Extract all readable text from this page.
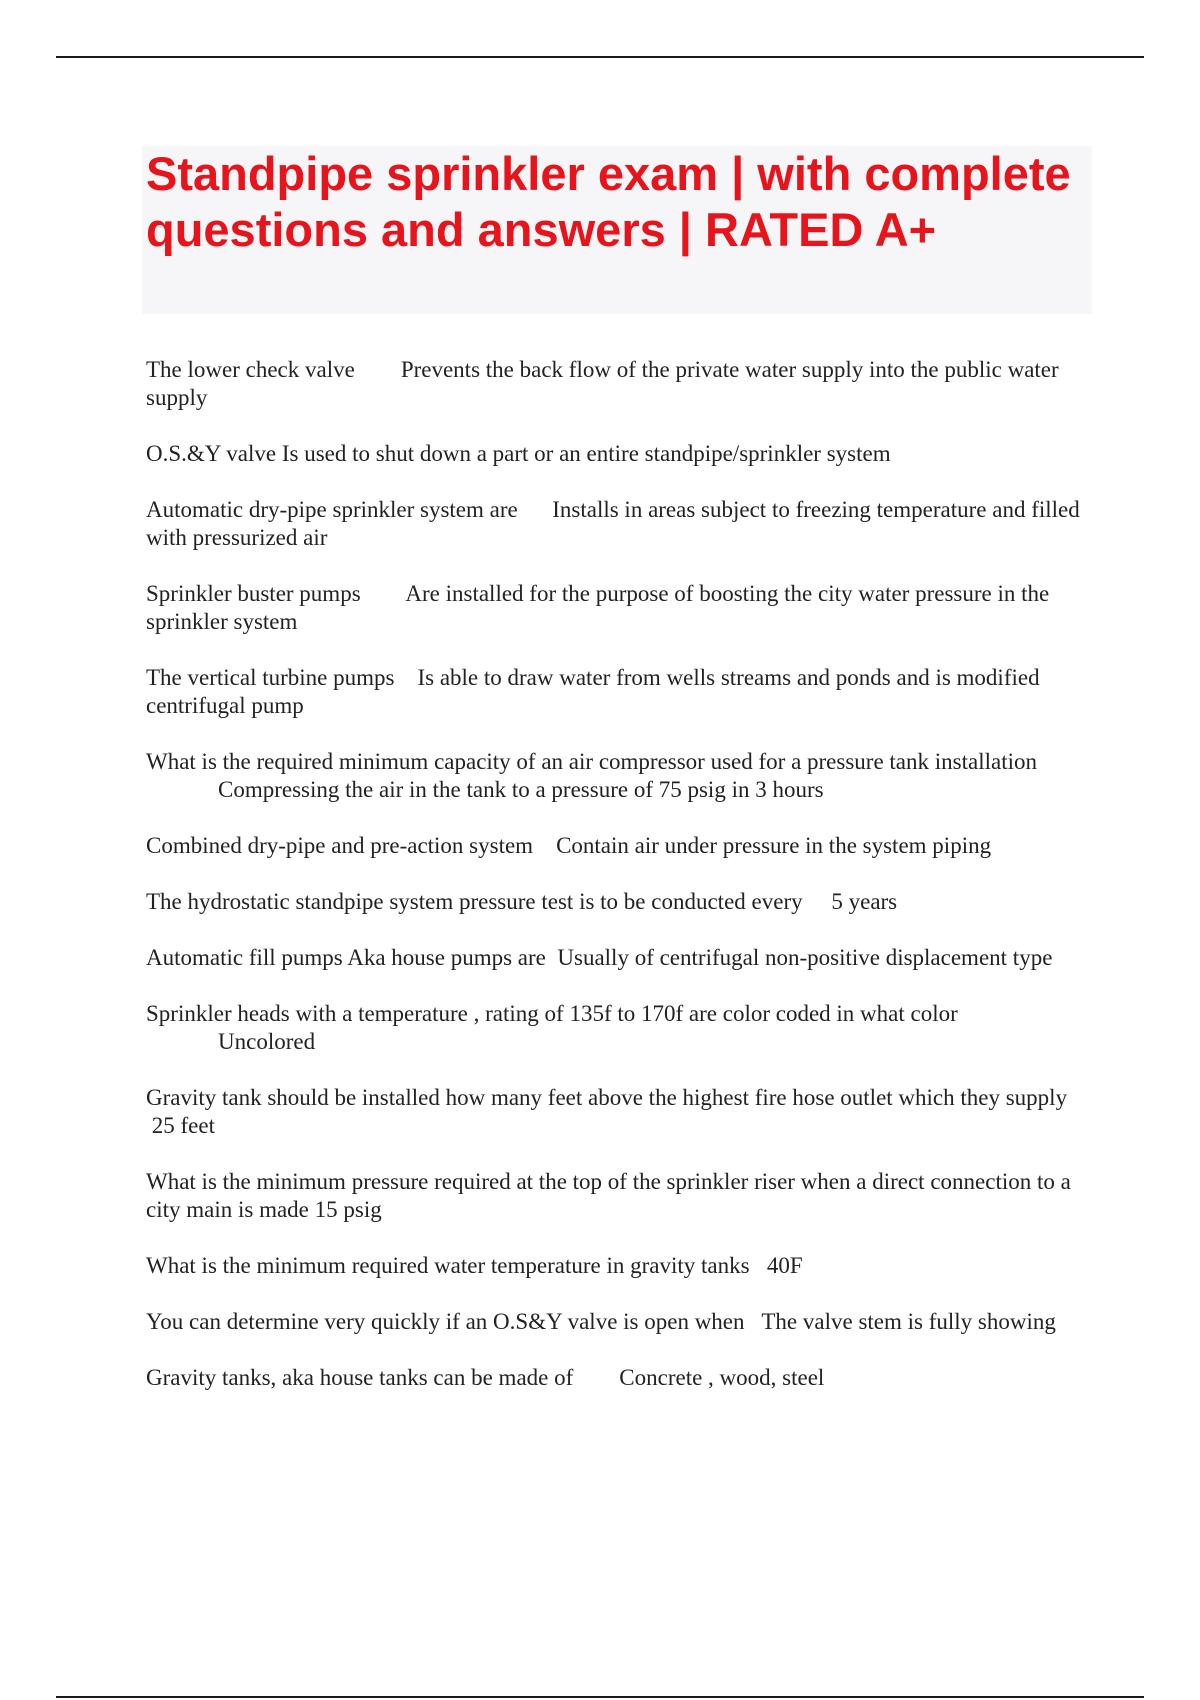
Standpipe sprinkler exam | with complete questions and answers | RATED A+

The lower check valve Prevents the back flow of the private water supply into the public water supply

O.S.&Y valve Is used to shut down a part or an entire standpipe/sprinkler system

Automatic dry-pipe sprinkler system are Installs in areas subject to freezing temperature and filled with pressurized air

Sprinkler buster pumps Are installed for the purpose of boosting the city water pressure in the sprinkler system

The vertical turbine pumps Is able to draw water from wells streams and ponds and is modified centrifugal pump

What is the required minimum capacity of an air compressor used for a pressure tank installation
Compressing the air in the tank to a pressure of 75 psig in 3 hours

Combined dry-pipe and pre-action system Contain air under pressure in the system piping

The hydrostatic standpipe system pressure test is to be conducted every 5 years

Automatic fill pumps Aka house pumps are Usually of centrifugal non-positive displacement type

Sprinkler heads with a temperature , rating of 135f to 170f are color coded in what color
Uncolored

Gravity tank should be installed how many feet above the highest fire hose outlet which they supply 25 feet

What is the minimum pressure required at the top of the sprinkler riser when a direct connection to a city main is made 15 psig

What is the minimum required water temperature in gravity tanks 40F

You can determine very quickly if an O.S&Y valve is open when The valve stem is fully showing

Gravity tanks, aka house tanks can be made of Concrete , wood, steel
